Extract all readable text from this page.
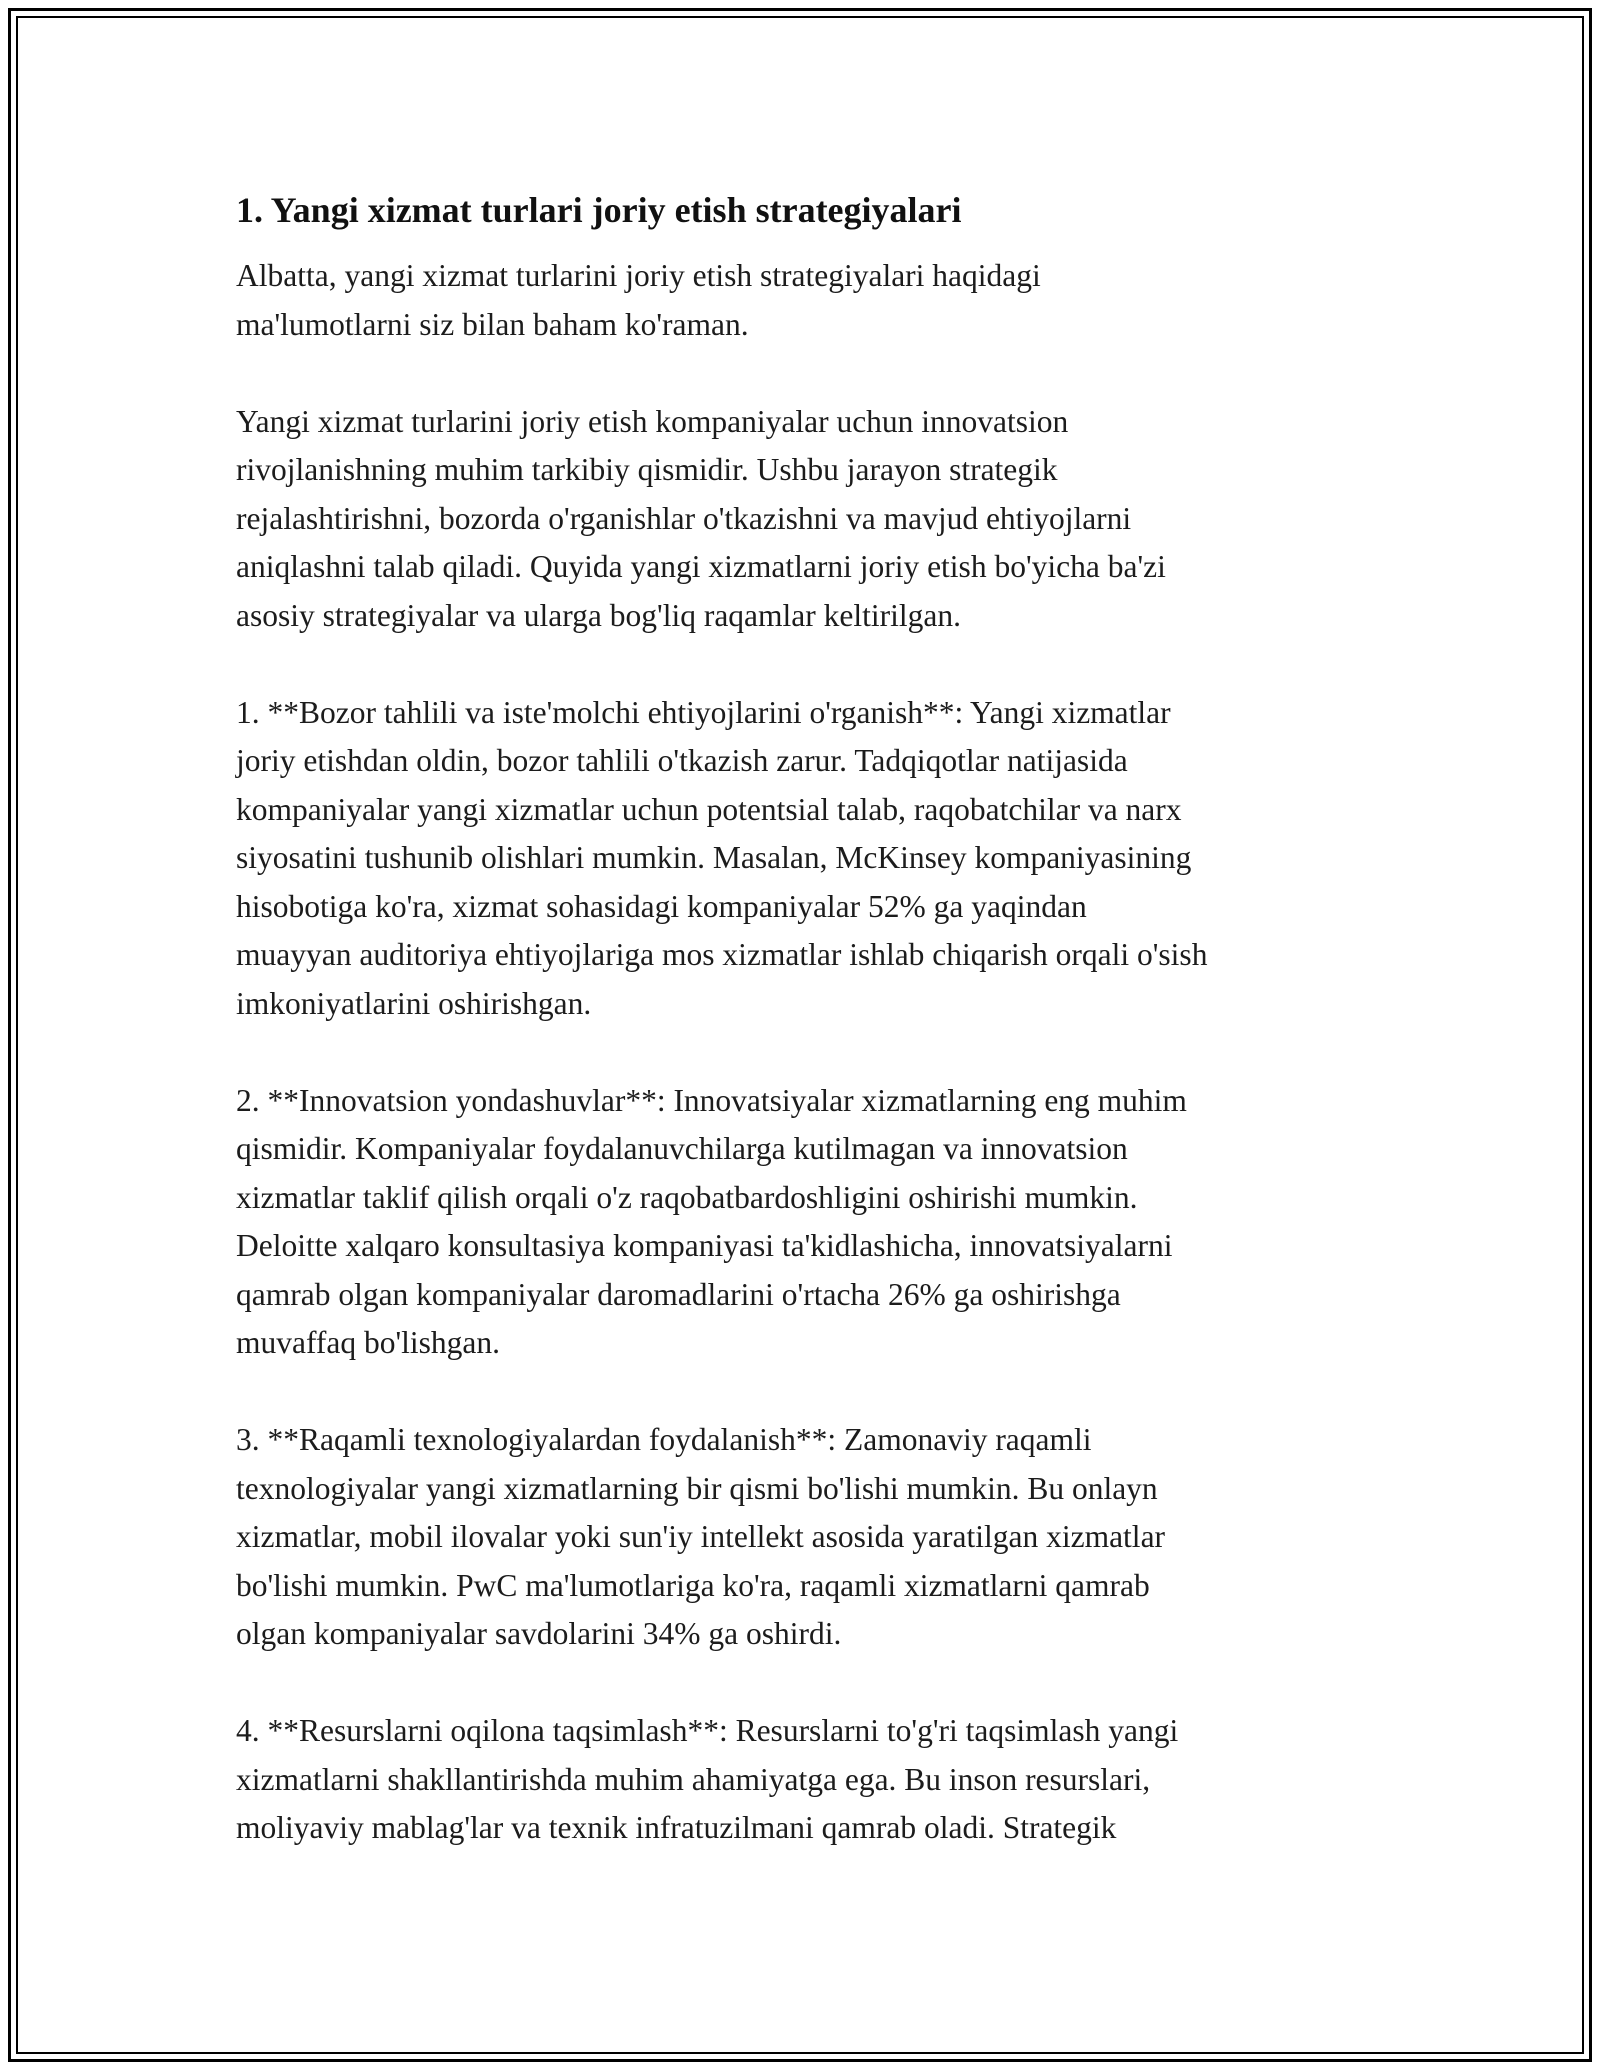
1. Yangi xizmat turlari joriy etish strategiyalari

Albatta, yangi xizmat turlarini joriy etish strategiyalari haqidagi
ma'lumotlarni siz bilan baham ko'raman.

Yangi xizmat turlarini joriy etish kompaniyalar uchun innovatsion
rivojlanishning muhim tarkibiy qismidir. Ushbu jarayon strategik
rejalashtirishni, bozorda o'rganishlar o'tkazishni va mavjud ehtiyojlarni
aniqlashni talab qiladi. Quyida yangi xizmatlarni joriy etish bo'yicha ba'zi
asosiy strategiyalar va ularga bog'liq raqamlar keltirilgan.

1. **Bozor tahlili va iste'molchi ehtiyojlarini o'rganish**: Yangi xizmatlar
joriy etishdan oldin, bozor tahlili o'tkazish zarur. Tadqiqotlar natijasida
kompaniyalar yangi xizmatlar uchun potentsial talab, raqobatchilar va narx
siyosatini tushunib olishlari mumkin. Masalan, McKinsey kompaniyasining
hisobotiga ko'ra, xizmat sohasidagi kompaniyalar 52% ga yaqindan
muayyan auditoriya ehtiyojlariga mos xizmatlar ishlab chiqarish orqali o'sish
imkoniyatlarini oshirishgan.

2. **Innovatsion yondashuvlar**: Innovatsiyalar xizmatlarning eng muhim
qismidir. Kompaniyalar foydalanuvchilarga kutilmagan va innovatsion
xizmatlar taklif qilish orqali o'z raqobatbardoshligini oshirishi mumkin.
Deloitte xalqaro konsultasiya kompaniyasi ta'kidlashicha, innovatsiyalarni
qamrab olgan kompaniyalar daromadlarini o'rtacha 26% ga oshirishga
muvaffaq bo'lishgan.

3. **Raqamli texnologiyalardan foydalanish**: Zamonaviy raqamli
texnologiyalar yangi xizmatlarning bir qismi bo'lishi mumkin. Bu onlayn
xizmatlar, mobil ilovalar yoki sun'iy intellekt asosida yaratilgan xizmatlar
bo'lishi mumkin. PwC ma'lumotlariga ko'ra, raqamli xizmatlarni qamrab
olgan kompaniyalar savdolarini 34% ga oshirdi.

4. **Resurslarni oqilona taqsimlash**: Resurslarni to'g'ri taqsimlash yangi
xizmatlarni shakllantirishda muhim ahamiyatga ega. Bu inson resurslari,
moliyaviy mablag'lar va texnik infratuzilmani qamrab oladi. Strategik
